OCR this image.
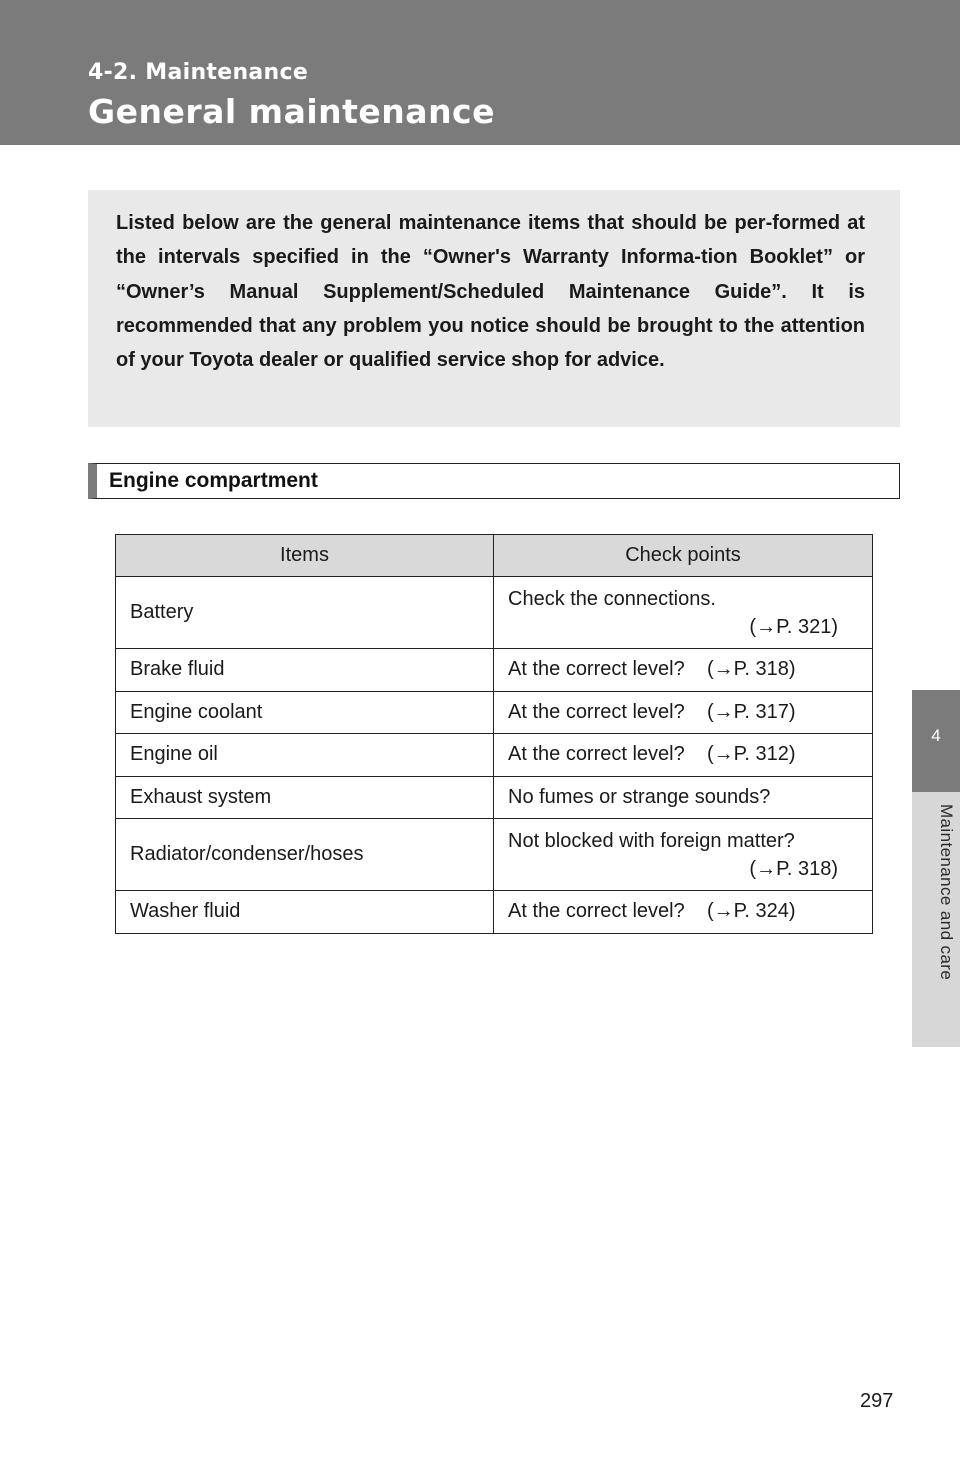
4-2. Maintenance
General maintenance
4
Maintenance and care

Listed below are the general maintenance items that should be per-formed at the intervals specified in the “Owner's Warranty Informa-tion Booklet” or “Owner’s Manual Supplement/Scheduled Maintenance Guide”. It is recommended that any problem you notice should be brought to the attention of your Toyota dealer or qualified service shop for advice.

Engine compartment
Items	Check points
Battery	Check the connections.
(→P. 321)

Brake fluid	At the correct level? (→P. 318)
Engine coolant	At the correct level? (→P. 317)
Engine oil	At the correct level? (→P. 312)
Exhaust system	No fumes or strange sounds?
Radiator/condenser/hoses	Not blocked with foreign matter?
(→P. 318)

Washer fluid	At the correct level? (→P. 324)
297
